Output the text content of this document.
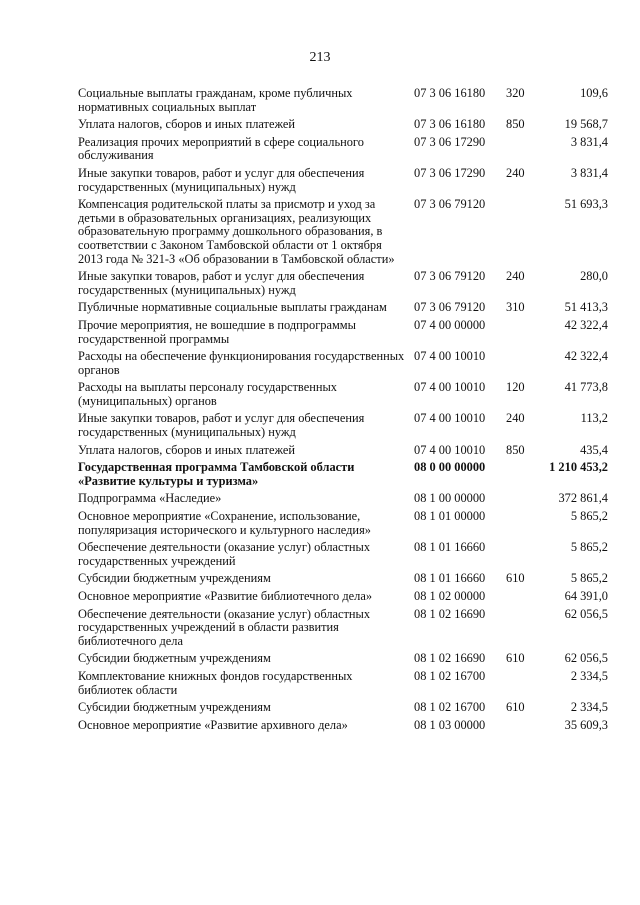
213
Социальные выплаты гражданам, кроме публичных нормативных социальных выплат	07 3 06 16180	320	109,6
Уплата налогов, сборов и иных платежей	07 3 06 16180	850	19 568,7
Реализация прочих мероприятий в сфере социального обслуживания	07 3 06 17290		3 831,4
Иные закупки товаров, работ и услуг для обеспечения государственных (муниципальных) нужд	07 3 06 17290	240	3 831,4
Компенсация родительской платы за присмотр и уход за детьми в образовательных организациях, реализующих образовательную программу дошкольного образования, в соответствии с Законом Тамбовской области от 1 октября 2013 года № 321-З «Об образовании в Тамбовской области»	07 3 06 79120		51 693,3
Иные закупки товаров, работ и услуг для обеспечения государственных (муниципальных) нужд	07 3 06 79120	240	280,0
Публичные нормативные социальные выплаты гражданам	07 3 06 79120	310	51 413,3
Прочие мероприятия, не вошедшие в подпрограммы государственной программы	07 4 00 00000		42 322,4
Расходы на обеспечение функционирования государственных органов	07 4 00 10010		42 322,4
Расходы на выплаты персоналу государственных (муниципальных) органов	07 4 00 10010	120	41 773,8
Иные закупки товаров, работ и услуг для обеспечения государственных (муниципальных) нужд	07 4 00 10010	240	113,2
Уплата налогов, сборов и иных платежей	07 4 00 10010	850	435,4
Государственная программа Тамбовской области «Развитие культуры и туризма»	08 0 00 00000		1 210 453,2
Подпрограмма «Наследие»	08 1 00 00000		372 861,4
Основное мероприятие «Сохранение, использование, популяризация исторического и культурного наследия»	08 1 01 00000		5 865,2
Обеспечение деятельности (оказание услуг) областных государственных учреждений	08 1 01 16660		5 865,2
Субсидии бюджетным учреждениям	08 1 01 16660	610	5 865,2
Основное мероприятие «Развитие библиотечного дела»	08 1 02 00000		64 391,0
Обеспечение деятельности (оказание услуг) областных государственных учреждений в области развития библиотечного дела	08 1 02 16690		62 056,5
Субсидии бюджетным учреждениям	08 1 02 16690	610	62 056,5
Комплектование книжных фондов государственных библиотек области	08 1 02 16700		2 334,5
Субсидии бюджетным учреждениям	08 1 02 16700	610	2 334,5
Основное мероприятие «Развитие архивного дела»	08 1 03 00000		35 609,3
